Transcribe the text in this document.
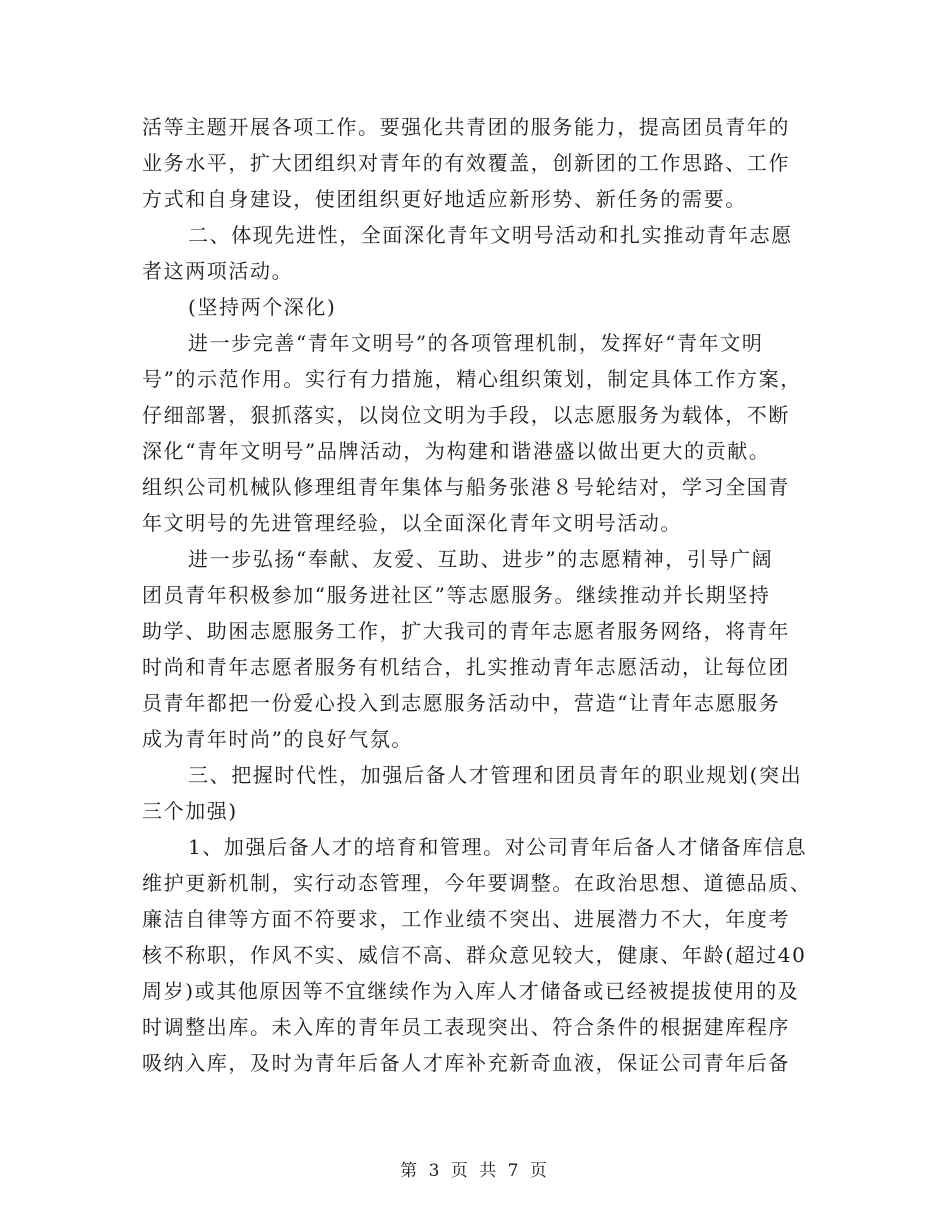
活等主题开展各项工作。要强化共青团的服务能力，提高团员青年的
业务水平，扩大团组织对青年的有效覆盖，创新团的工作思路、工作
方式和自身建设，使团组织更好地适应新形势、新任务的需要。
二、体现先进性，全面深化青年文明号活动和扎实推动青年志愿
者这两项活动。
(坚持两个深化)
进一步完善“青年文明号”的各项管理机制，发挥好“青年文明
号”的示范作用。实行有力措施，精心组织策划，制定具体工作方案，
仔细部署，狠抓落实，以岗位文明为手段，以志愿服务为载体，不断
深化“青年文明号”品牌活动，为构建和谐港盛以做出更大的贡献。
组织公司机械队修理组青年集体与船务张港８号轮结对，学习全国青
年文明号的先进管理经验，以全面深化青年文明号活动。
进一步弘扬“奉献、友爱、互助、进步”的志愿精神，引导广阔
团员青年积极参加“服务进社区”等志愿服务。继续推动并长期坚持
助学、助困志愿服务工作，扩大我司的青年志愿者服务网络，将青年
时尚和青年志愿者服务有机结合，扎实推动青年志愿活动，让每位团
员青年都把一份爱心投入到志愿服务活动中，营造“让青年志愿服务
成为青年时尚”的良好气氛。
三、把握时代性，加强后备人才管理和团员青年的职业规划(突出
三个加强)
1、加强后备人才的培育和管理。对公司青年后备人才储备库信息
维护更新机制，实行动态管理，今年要调整。在政治思想、道德品质、
廉洁自律等方面不符要求，工作业绩不突出、进展潜力不大，年度考
核不称职，作风不实、威信不高、群众意见较大，健康、年龄(超过40
周岁)或其他原因等不宜继续作为入库人才储备或已经被提拔使用的及
时调整出库。未入库的青年员工表现突出、符合条件的根据建库程序
吸纳入库，及时为青年后备人才库补充新奇血液，保证公司青年后备
第 3 页 共 7 页
